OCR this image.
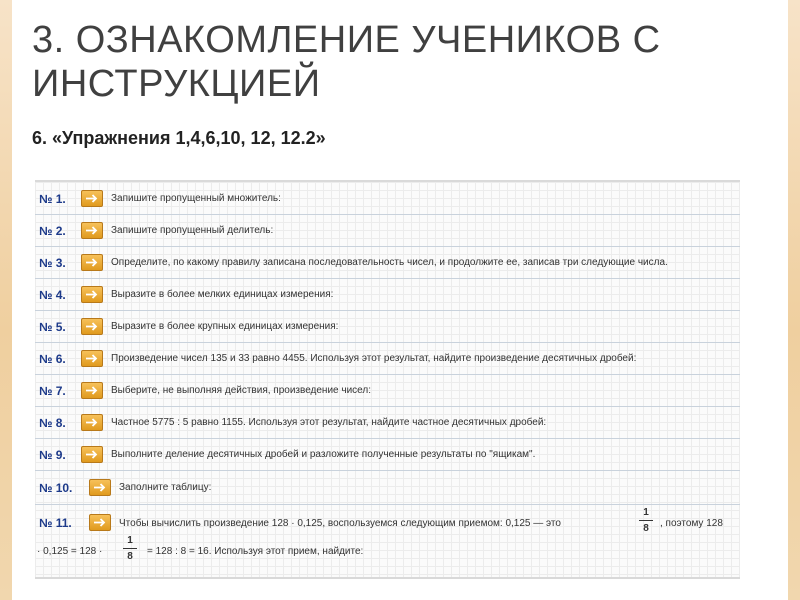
3. ОЗНАКОМЛЕНИЕ УЧЕНИКОВ С ИНСТРУКЦИЕЙ
6. «Упражнения 1,4,6,10, 12, 12.2»
№ 1.	Запишите пропущенный множитель:
№ 2.	Запишите пропущенный делитель:
№ 3.	Определите, по какому правилу записана последовательность чисел, и продолжите ее, записав три следующие числа.
№ 4.	Выразите в более мелких единицах измерения:
№ 5.	Выразите в более крупных единицах измерения:
№ 6.	Произведение чисел 135 и 33 равно 4455. Используя этот результат, найдите произведение десятичных дробей:
№ 7.	Выберите, не выполняя действия, произведение чисел:
№ 8.	Частное 5775 : 5 равно 1155. Используя этот результат, найдите частное десятичных дробей:
№ 9.	Выполните деление десятичных дробей и разложите полученные результаты по "ящикам".
№ 10.	Заполните таблицу:
№ 11.	Чтобы вычислить произведение 128 · 0,125, воспользуемся следующим приемом: 0,125 — это
1
8	, поэтому 128
· 0,125 = 128 ·
1
8	= 128 : 8 = 16. Используя этот прием, найдите:
